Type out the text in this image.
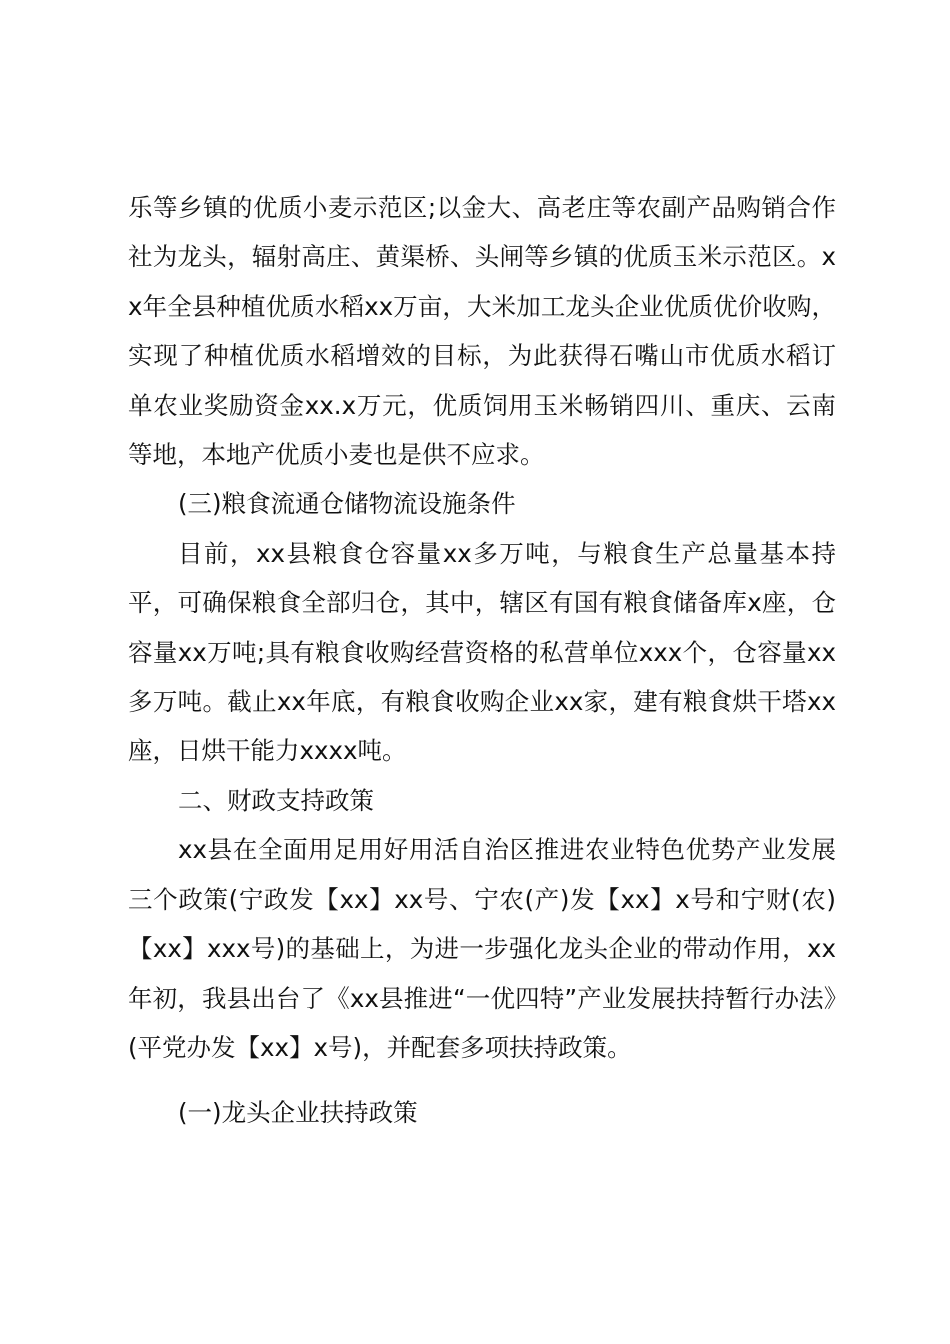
乐等乡镇的优质小麦示范区;以金大、高老庄等农副产品购销合作社为龙头，辐射高庄、黄渠桥、头闸等乡镇的优质玉米示范区。xx年全县种植优质水稻xx万亩，大米加工龙头企业优质优价收购，实现了种植优质水稻增效的目标，为此获得石嘴山市优质水稻订单农业奖励资金xx.x万元，优质饲用玉米畅销四川、重庆、云南等地，本地产优质小麦也是供不应求。

(三)粮食流通仓储物流设施条件

目前，xx县粮食仓容量xx多万吨，与粮食生产总量基本持平，可确保粮食全部归仓，其中，辖区有国有粮食储备库x座，仓容量xx万吨;具有粮食收购经营资格的私营单位xxx个，仓容量xx多万吨。截止xx年底，有粮食收购企业xx家，建有粮食烘干塔xx座，日烘干能力xxxx吨。

二、财政支持政策

xx县在全面用足用好用活自治区推进农业特色优势产业发展三个政策(宁政发【xx】xx号、宁农(产)发【xx】x号和宁财(农)【xx】xxx号)的基础上，为进一步强化龙头企业的带动作用，xx年初，我县出台了《xx县推进“一优四特”产业发展扶持暂行办法》(平党办发【xx】x号)，并配套多项扶持政策。

(一)龙头企业扶持政策
